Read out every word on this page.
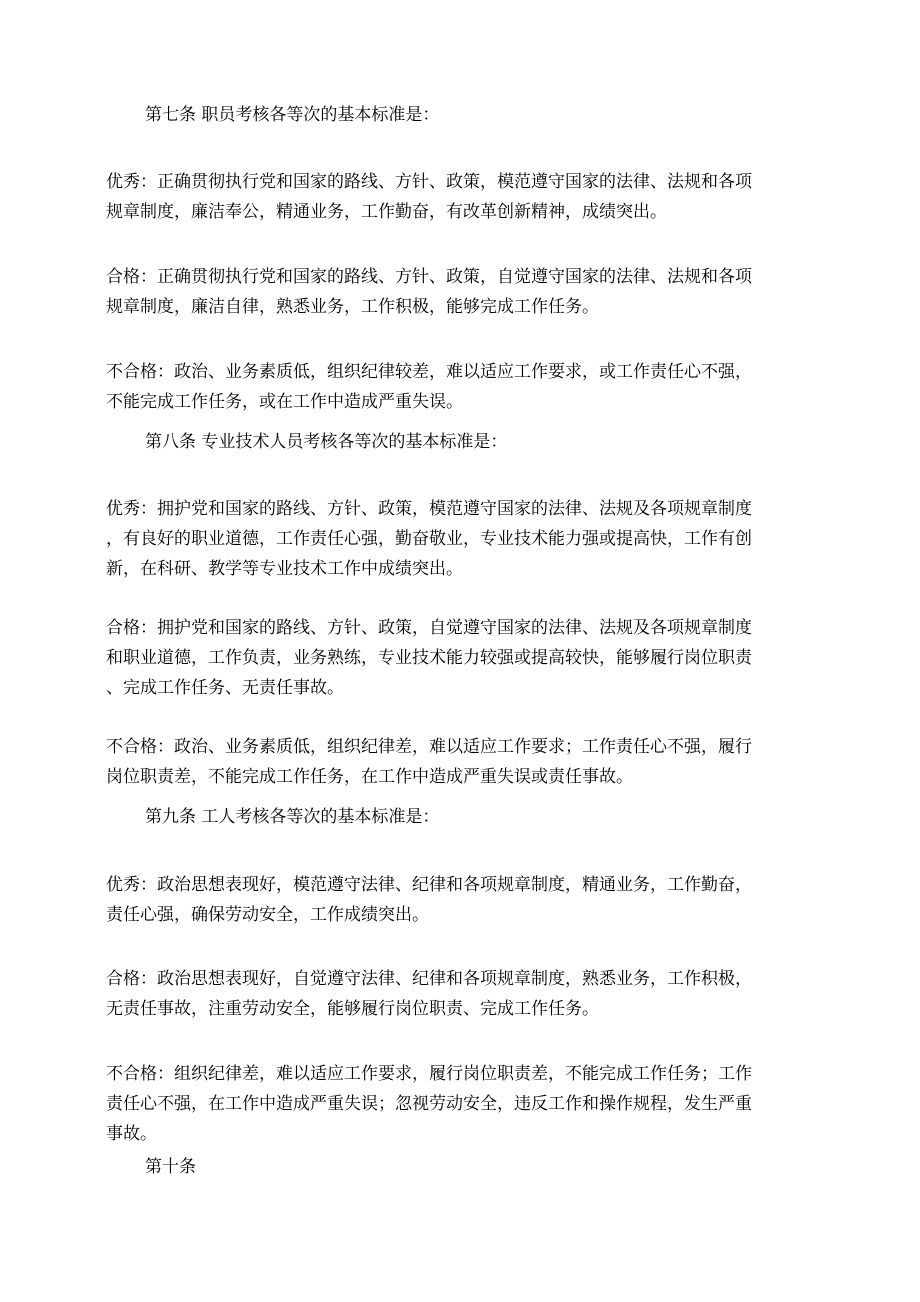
第七条 职员考核各等次的基本标准是：
优秀：正确贯彻执行党和国家的路线、方针、政策，模范遵守国家的法律、法规和各项
规章制度，廉洁奉公，精通业务，工作勤奋，有改革创新精神，成绩突出。
合格：正确贯彻执行党和国家的路线、方针、政策，自觉遵守国家的法律、法规和各项
规章制度，廉洁自律，熟悉业务，工作积极，能够完成工作任务。
不合格：政治、业务素质低，组织纪律较差，难以适应工作要求，或工作责任心不强，
不能完成工作任务，或在工作中造成严重失误。
第八条 专业技术人员考核各等次的基本标准是：
优秀：拥护党和国家的路线、方针、政策，模范遵守国家的法律、法规及各项规章制度
，有良好的职业道德，工作责任心强，勤奋敬业，专业技术能力强或提高快，工作有创
新，在科研、教学等专业技术工作中成绩突出。
合格：拥护党和国家的路线、方针、政策，自觉遵守国家的法律、法规及各项规章制度
和职业道德，工作负责，业务熟练，专业技术能力较强或提高较快，能够履行岗位职责
、完成工作任务、无责任事故。
不合格：政治、业务素质低，组织纪律差，难以适应工作要求；工作责任心不强，履行
岗位职责差，不能完成工作任务，在工作中造成严重失误或责任事故。
第九条 工人考核各等次的基本标准是：
优秀：政治思想表现好，模范遵守法律、纪律和各项规章制度，精通业务，工作勤奋，
责任心强，确保劳动安全，工作成绩突出。
合格：政治思想表现好，自觉遵守法律、纪律和各项规章制度，熟悉业务，工作积极，
无责任事故，注重劳动安全，能够履行岗位职责、完成工作任务。
不合格：组织纪律差，难以适应工作要求，履行岗位职责差，不能完成工作任务；工作
责任心不强，在工作中造成严重失误；忽视劳动安全，违反工作和操作规程，发生严重
事故。
第十条
